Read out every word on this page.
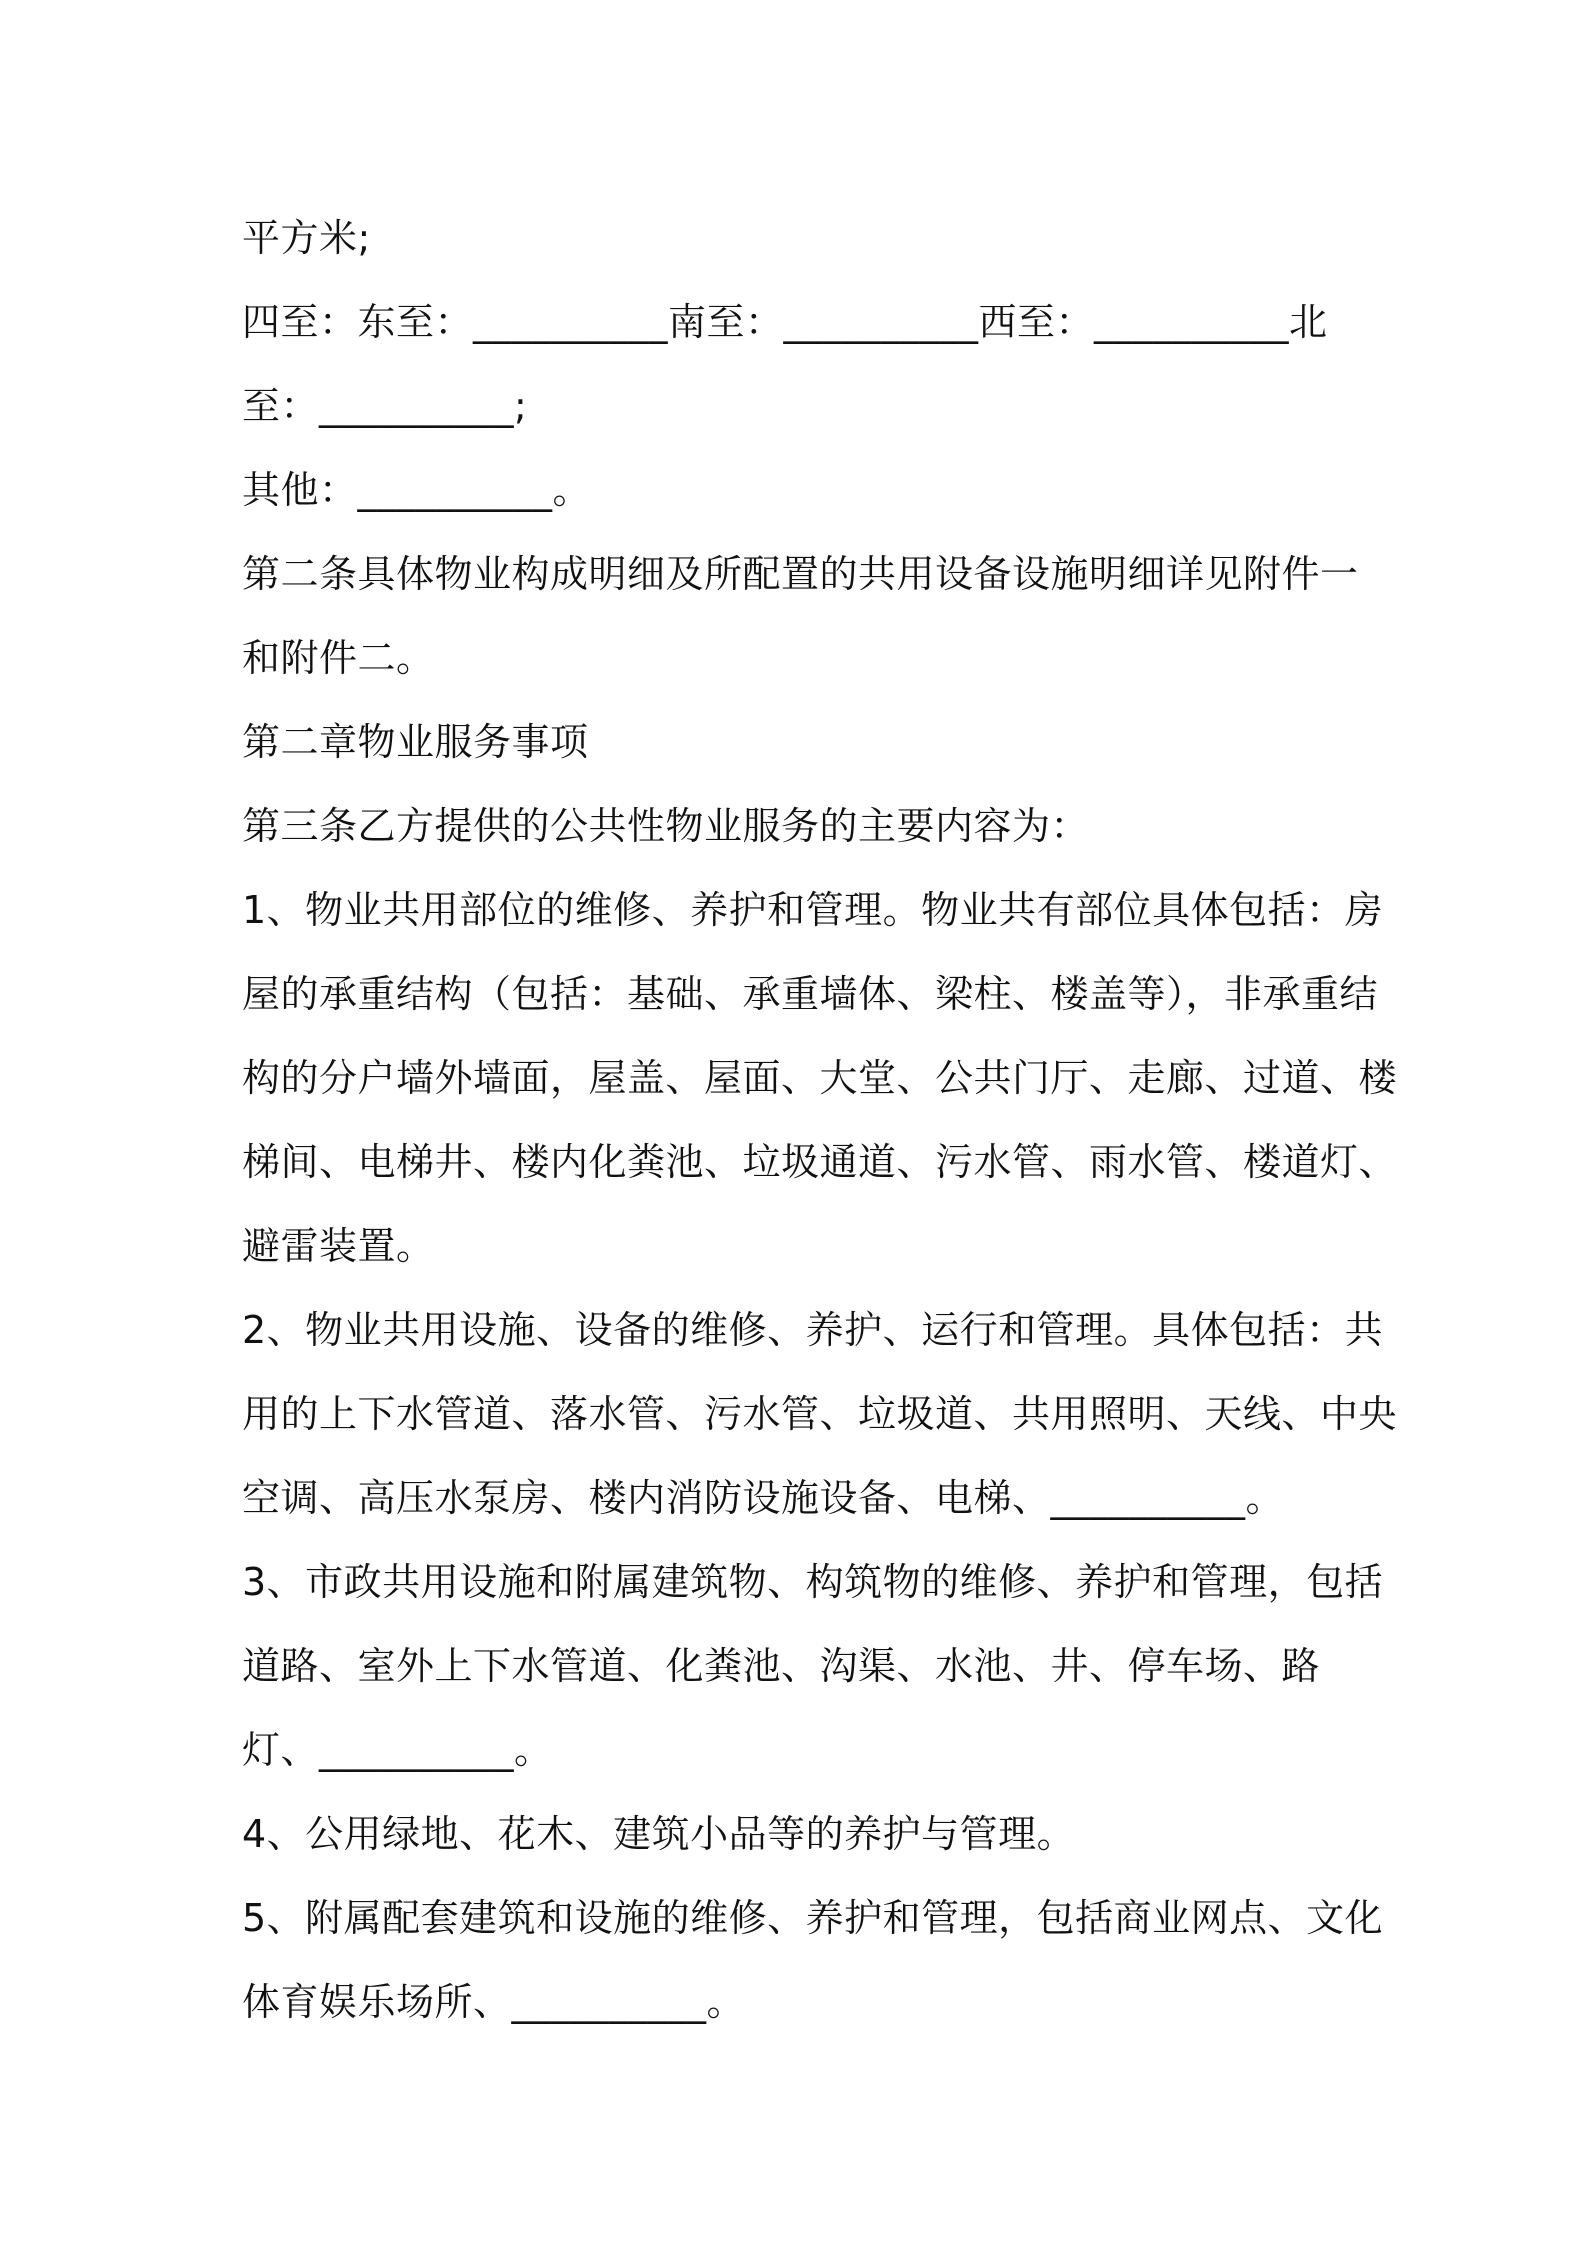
平方米;
四至：东至：__________南至：__________西至：__________北
至：__________;
其他：__________。
第二条具体物业构成明细及所配置的共用设备设施明细详见附件一
和附件二。
第二章物业服务事项
第三条乙方提供的公共性物业服务的主要内容为：
1、物业共用部位的维修、养护和管理。物业共有部位具体包括：房
屋的承重结构（包括：基础、承重墙体、梁柱、楼盖等），非承重结
构的分户墙外墙面，屋盖、屋面、大堂、公共门厅、走廊、过道、楼
梯间、电梯井、楼内化粪池、垃圾通道、污水管、雨水管、楼道灯、
避雷装置。
2、物业共用设施、设备的维修、养护、运行和管理。具体包括：共
用的上下水管道、落水管、污水管、垃圾道、共用照明、天线、中央
空调、高压水泵房、楼内消防设施设备、电梯、__________。
3、市政共用设施和附属建筑物、构筑物的维修、养护和管理，包括
道路、室外上下水管道、化粪池、沟渠、水池、井、停车场、路
灯、__________。
4、公用绿地、花木、建筑小品等的养护与管理。
5、附属配套建筑和设施的维修、养护和管理，包括商业网点、文化
体育娱乐场所、__________。
